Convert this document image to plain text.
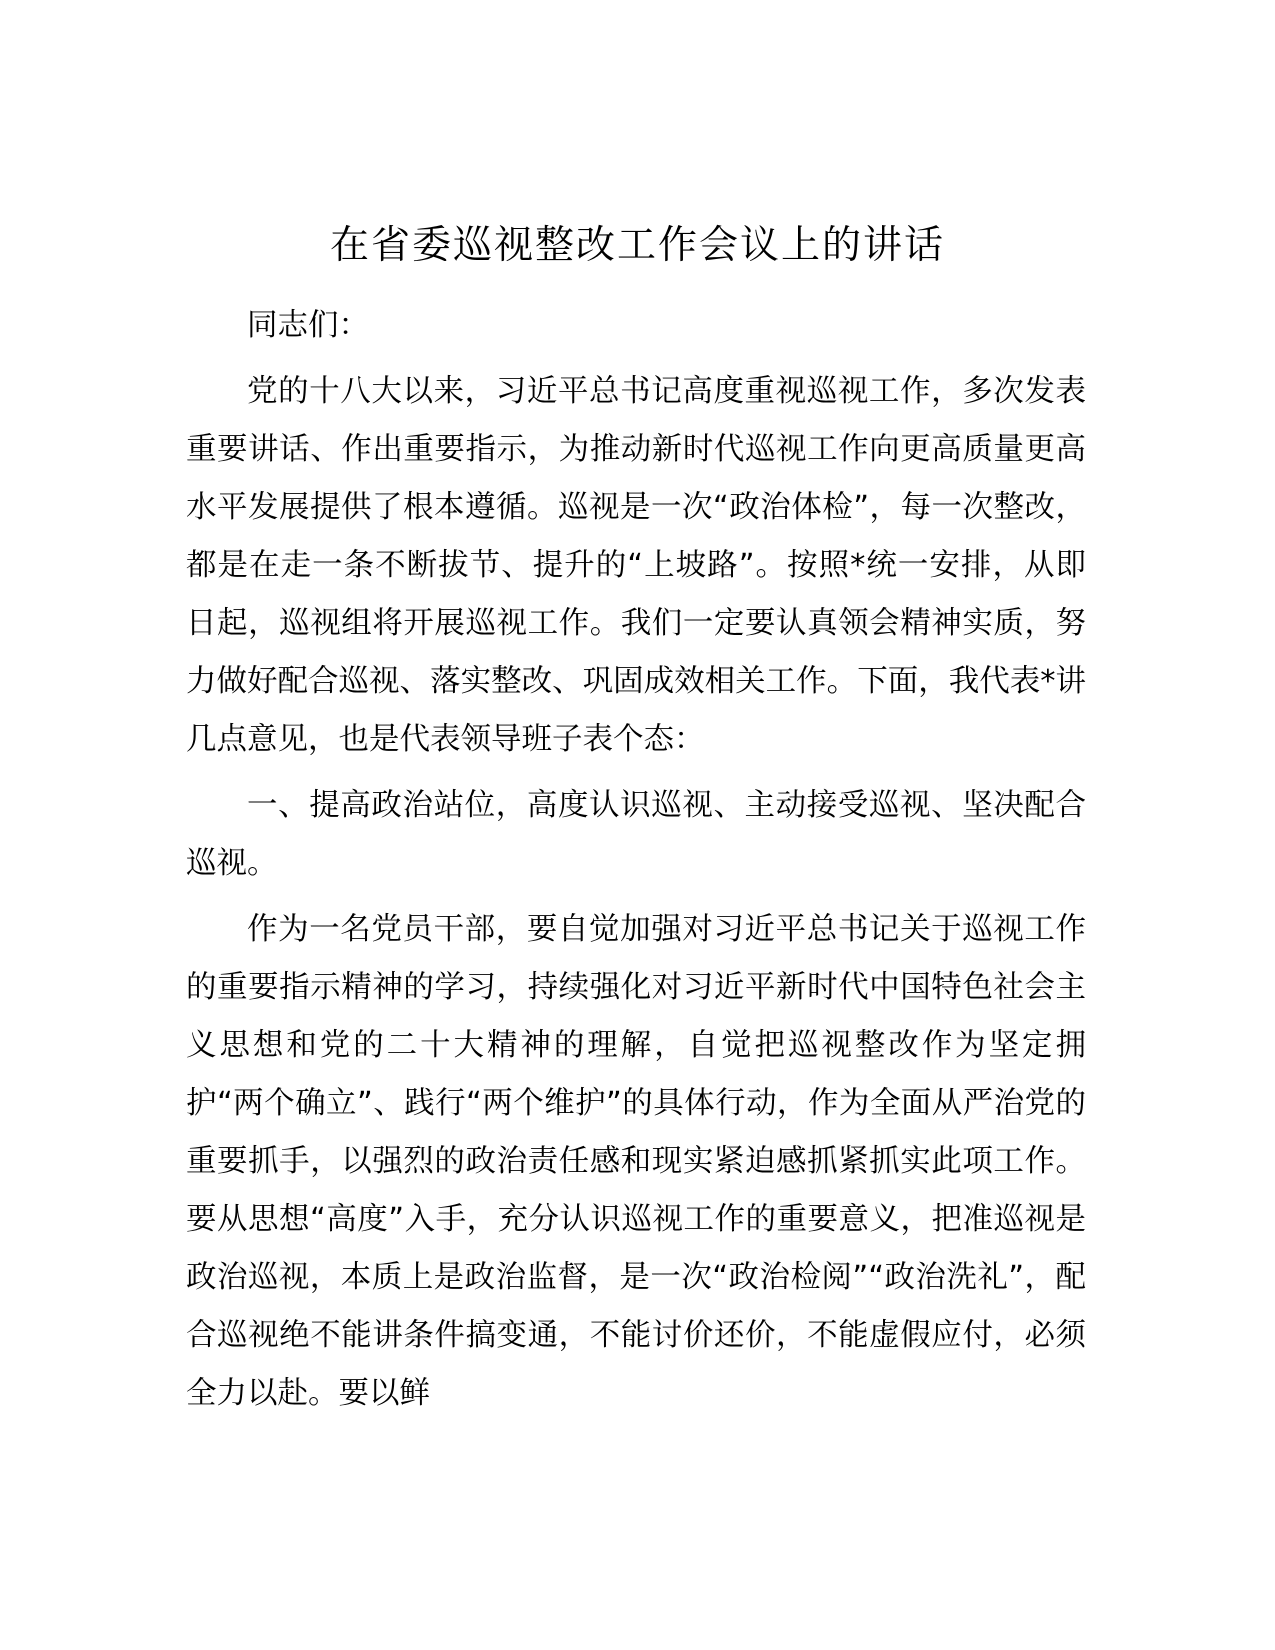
在省委巡视整改工作会议上的讲话

同志们：

党的十八大以来，习近平总书记高度重视巡视工作，多次发表重要讲话、作出重要指示，为推动新时代巡视工作向更高质量更高水平发展提供了根本遵循。巡视是一次“政治体检”，每一次整改，都是在走一条不断拔节、提升的“上坡路”。按照*统一安排，从即日起，巡视组将开展巡视工作。我们一定要认真领会精神实质，努力做好配合巡视、落实整改、巩固成效相关工作。下面，我代表*讲几点意见，也是代表领导班子表个态：

一、提高政治站位，高度认识巡视、主动接受巡视、坚决配合巡视。

作为一名党员干部，要自觉加强对习近平总书记关于巡视工作的重要指示精神的学习，持续强化对习近平新时代中国特色社会主义思想和党的二十大精神的理解，自觉把巡视整改作为坚定拥护“两个确立”、践行“两个维护”的具体行动，作为全面从严治党的重要抓手，以强烈的政治责任感和现实紧迫感抓紧抓实此项工作。要从思想“高度”入手，充分认识巡视工作的重要意义，把准巡视是政治巡视，本质上是政治监督，是一次“政治检阅”“政治洗礼”，配合巡视绝不能讲条件搞变通，不能讨价还价，不能虚假应付，必须全力以赴。要以鲜
